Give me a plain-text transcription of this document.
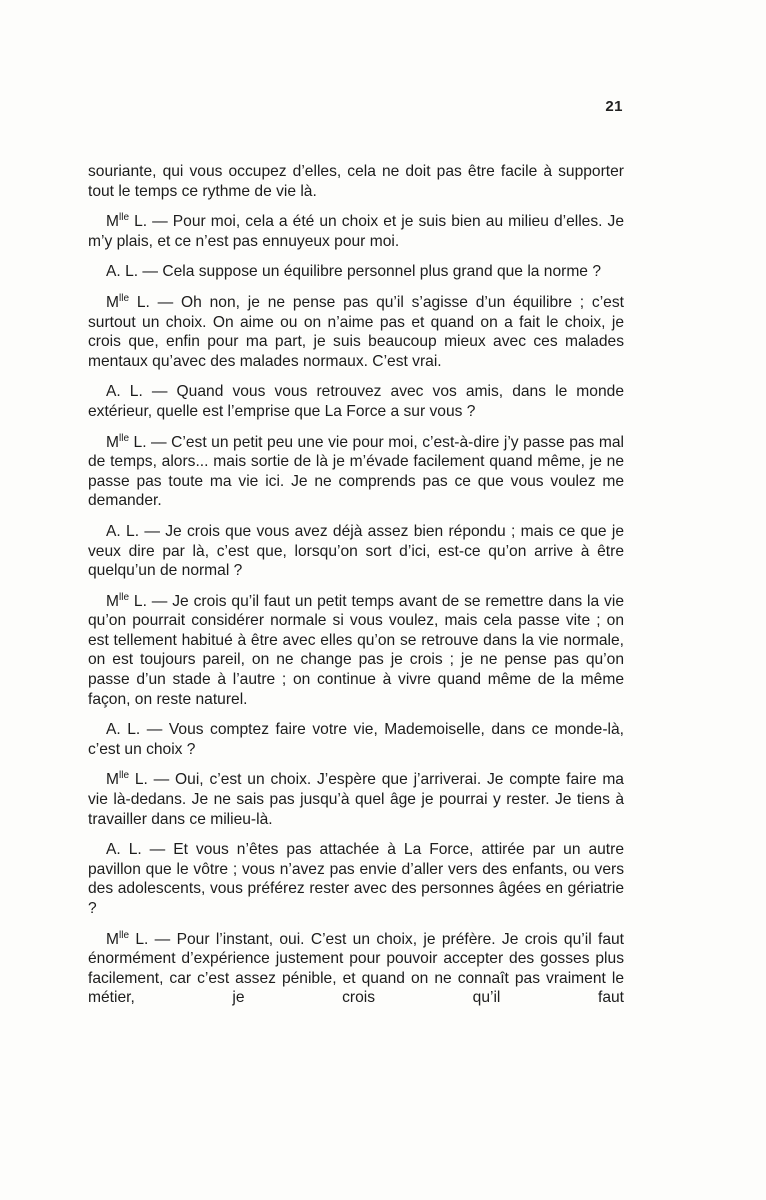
21

souriante, qui vous occupez d’elles, cela ne doit pas être facile à supporter tout le temps ce rythme de vie là.

$M^{lle}$ L. — Pour moi, cela a été un choix et je suis bien au milieu d’elles. Je m’y plais, et ce n’est pas ennuyeux pour moi.

A. L. — Cela suppose un équilibre personnel plus grand que la norme ?

$M^{lle}$ L. — Oh non, je ne pense pas qu’il s’agisse d’un équilibre ; c’est surtout un choix. On aime ou on n’aime pas et quand on a fait le choix, je crois que, enfin pour ma part, je suis beaucoup mieux avec ces malades mentaux qu’avec des malades normaux. C’est vrai.

A. L. — Quand vous vous retrouvez avec vos amis, dans le monde extérieur, quelle est l’emprise que La Force a sur vous ?

$M^{lle}$ L. — C’est un petit peu une vie pour moi, c’est-à-dire j’y passe pas mal de temps, alors... mais sortie de là je m’évade facilement quand même, je ne passe pas toute ma vie ici. Je ne comprends pas ce que vous voulez me demander.

A. L. — Je crois que vous avez déjà assez bien répondu ; mais ce que je veux dire par là, c’est que, lorsqu’on sort d’ici, est-ce qu’on arrive à être quelqu’un de normal ?

$M^{lle}$ L. — Je crois qu’il faut un petit temps avant de se remettre dans la vie qu’on pourrait considérer normale si vous voulez, mais cela passe vite ; on est tellement habitué à être avec elles qu’on se retrouve dans la vie normale, on est toujours pareil, on ne change pas je crois ; je ne pense pas qu’on passe d’un stade à l’autre ; on continue à vivre quand même de la même façon, on reste naturel.

A. L. — Vous comptez faire votre vie, Mademoiselle, dans ce monde-là, c’est un choix ?

$M^{lle}$ L. — Oui, c’est un choix. J’espère que j’arriverai. Je compte faire ma vie là-dedans. Je ne sais pas jusqu’à quel âge je pourrai y rester. Je tiens à travailler dans ce milieu-là.

A. L. — Et vous n’êtes pas attachée à La Force, attirée par un autre pavillon que le vôtre ; vous n’avez pas envie d’aller vers des enfants, ou vers des adolescents, vous préférez rester avec des personnes âgées en gériatrie ?

$M^{lle}$ L. — Pour l’instant, oui. C’est un choix, je préfère. Je crois qu’il faut énormément d’expérience justement pour pouvoir accepter des gosses plus facilement, car c’est assez pénible, et quand on ne connaît pas vraiment le métier, je crois qu’il faut
